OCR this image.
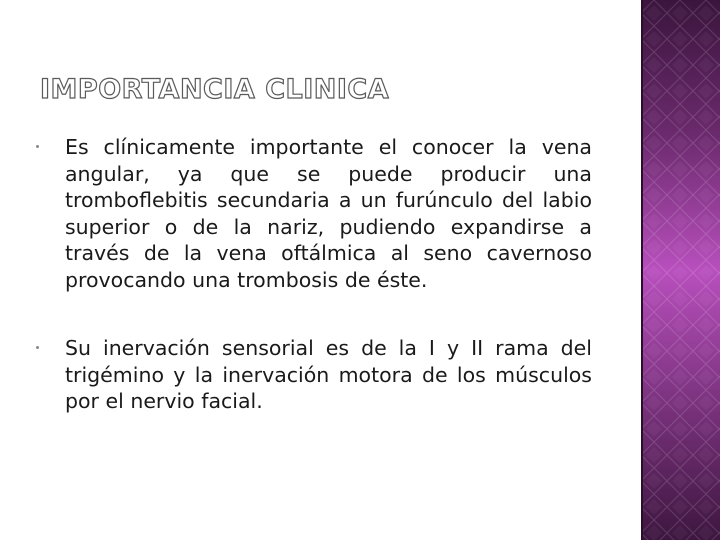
IMPORTANCIA CLINICA
Es clínicamente importante el conocer la vena angular, ya que se puede producir una tromboflebitis secundaria a un furúnculo del labio superior o de la nariz, pudiendo expandirse a través de la vena oftálmica al seno cavernoso provocando una trombosis de éste.
Su inervación sensorial es de la I y II rama del trigémino y la inervación motora de los músculos por el nervio facial.
